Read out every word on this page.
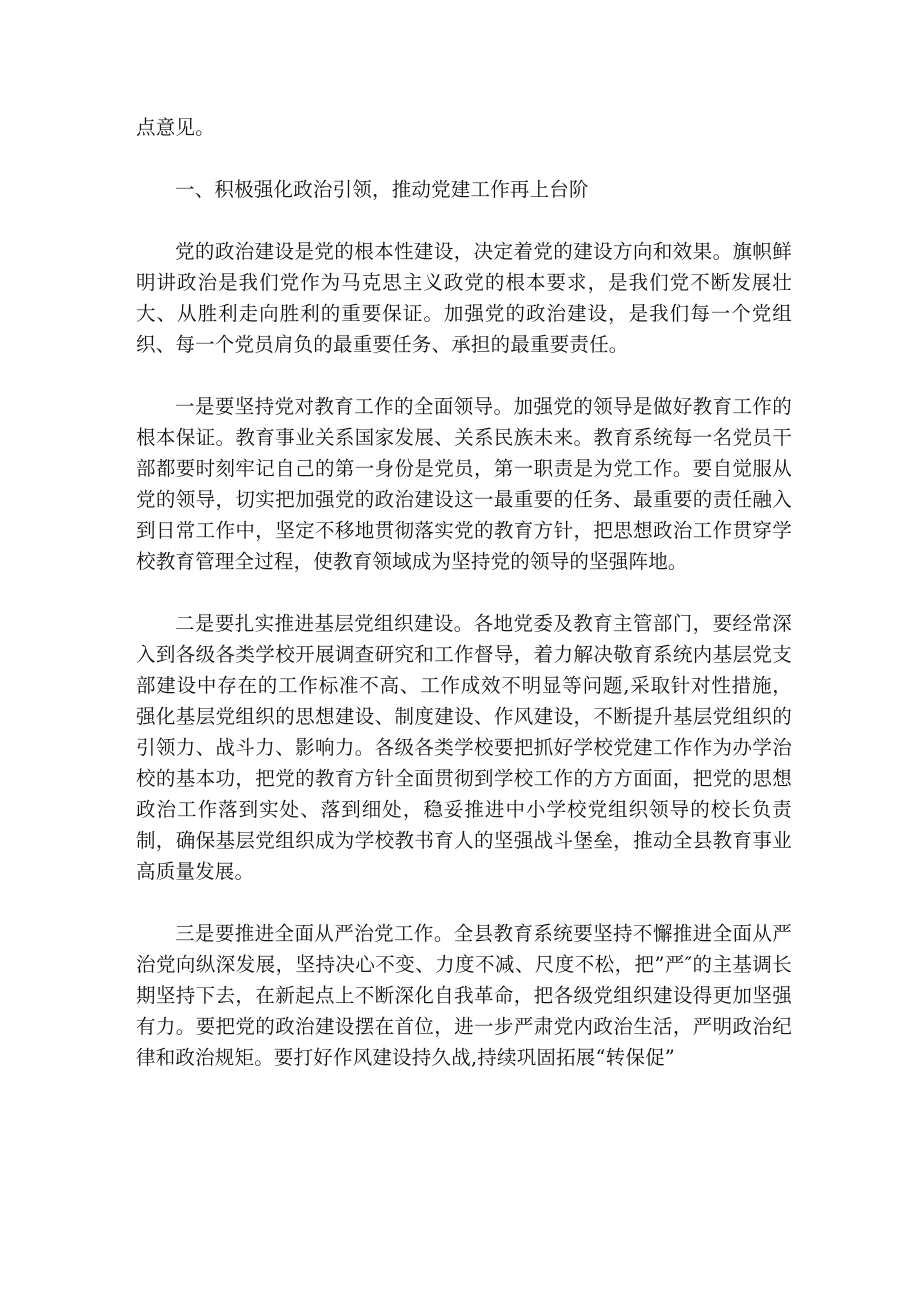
点意见。

一、积极强化政治引领，推动党建工作再上台阶

党的政治建设是党的根本性建设，决定着党的建设方向和效果。旗帜鲜明讲政治是我们党作为马克思主义政党的根本要求，是我们党不断发展壮大、从胜利走向胜利的重要保证。加强党的政治建设，是我们每一个党组织、每一个党员肩负的最重要任务、承担的最重要责任。

一是要坚持党对教育工作的全面领导。加强党的领导是做好教育工作的根本保证。教育事业关系国家发展、关系民族未来。教育系统每一名党员干部都要时刻牢记自己的第一身份是党员，第一职责是为党工作。要自觉服从党的领导，切实把加强党的政治建设这一最重要的任务、最重要的责任融入到日常工作中，坚定不移地贯彻落实党的教育方针，把思想政治工作贯穿学校教育管理全过程，使教育领域成为坚持党的领导的坚强阵地。

二是要扎实推进基层党组织建设。各地党委及教育主管部门，要经常深入到各级各类学校开展调查研究和工作督导，着力解决敬育系统内基层党支部建设中存在的工作标准不高、工作成效不明显等问题,采取针对性措施，强化基层党组织的思想建设、制度建设、作风建设，不断提升基层党组织的引领力、战斗力、影响力。各级各类学校要把抓好学校党建工作作为办学治校的基本功，把党的教育方针全面贯彻到学校工作的方方面面，把党的思想政治工作落到实处、落到细处，稳妥推进中小学校党组织领导的校长负责制，确保基层党组织成为学校教书育人的坚强战斗堡垒，推动全县教育事业高质量发展。

三是要推进全面从严治党工作。全县教育系统要坚持不懈推进全面从严治党向纵深发展，坚持决心不变、力度不减、尺度不松，把”严″的主基调长期坚持下去，在新起点上不断深化自我革命，把各级党组织建设得更加坚强有力。要把党的政治建设摆在首位，进一步严肃党内政治生活，严明政治纪律和政治规矩。要打好作风建设持久战,持续巩固拓展“转保促”
